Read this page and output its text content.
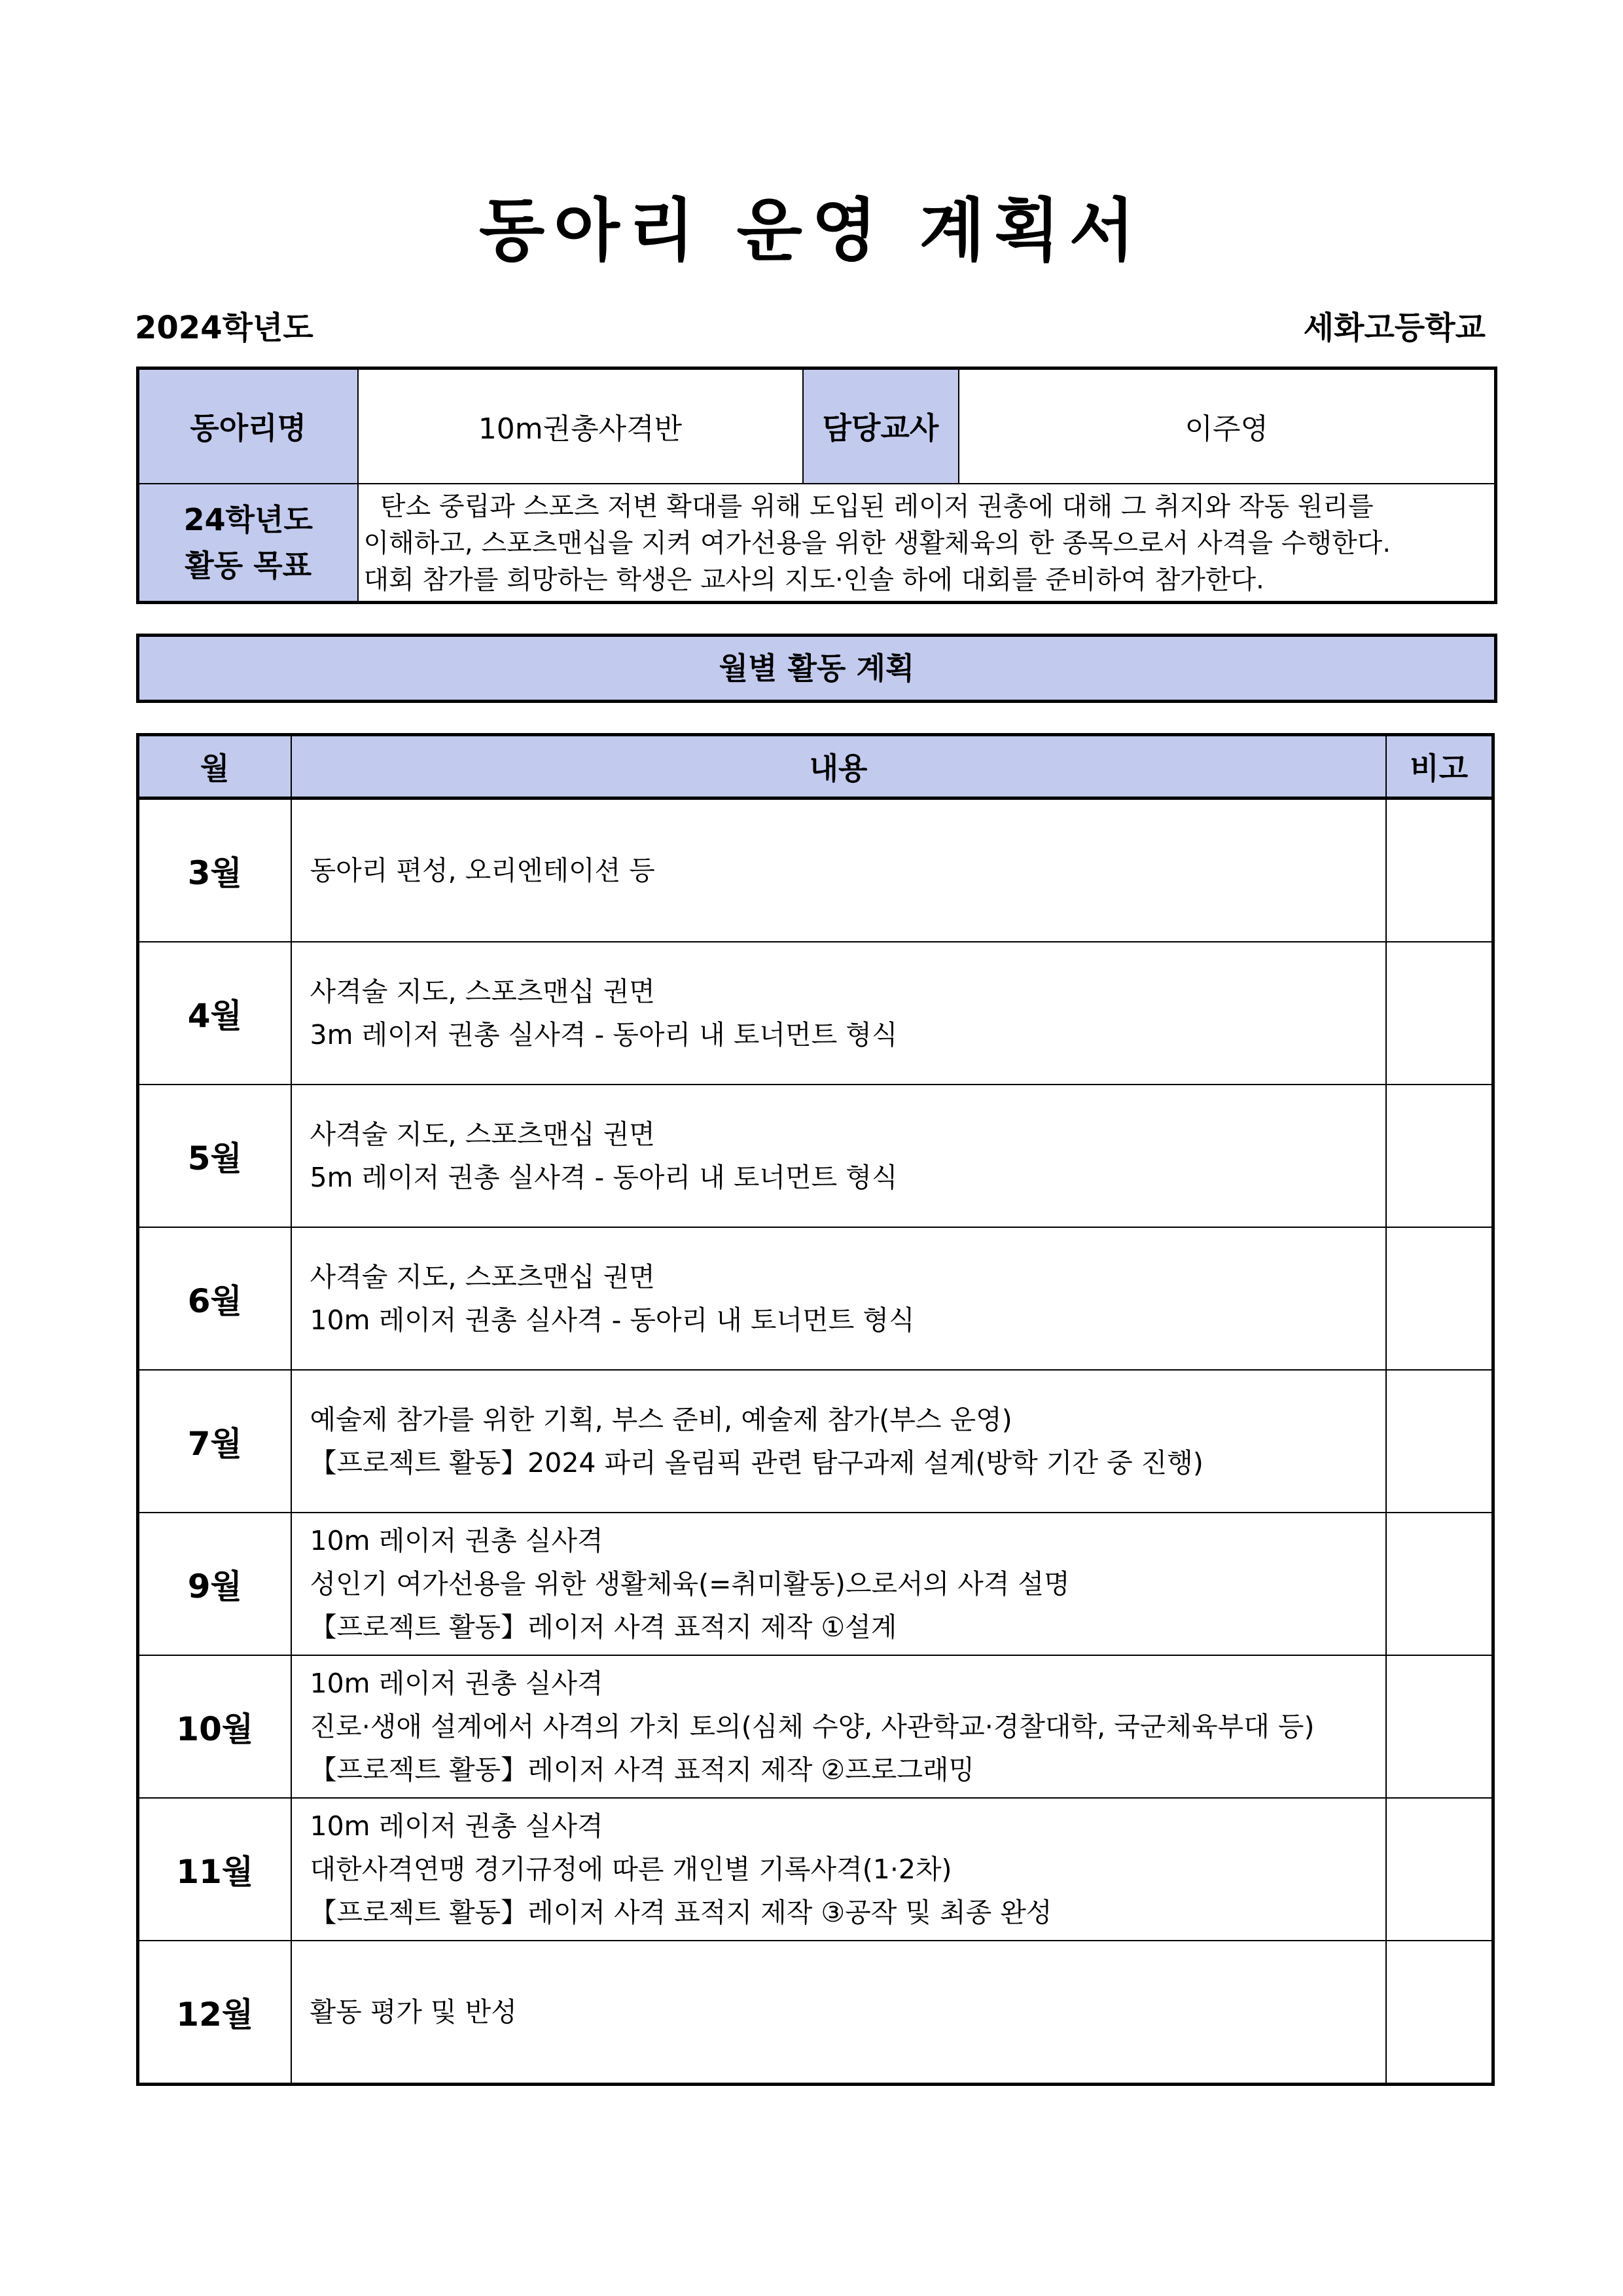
동아리 운영 계획서
2024학년도	세화고등학교
동아리명	10m권총사격반	담당교사	이주영

24학년도
활동 목표	탄소 중립과 스포츠 저변 확대를 위해 도입된 레이저 권총에 대해 그 취지와 작동 원리를
이해하고, 스포츠맨십을 지켜 여가선용을 위한 생활체육의 한 종목으로서 사격을 수행한다.
대회 참가를 희망하는 학생은 교사의 지도·인솔 하에 대회를 준비하여 참가한다.		
월별 활동 계획
월	내용	비고
3월	동아리 편성, 오리엔테이션 등	

4월	사격술 지도, 스포츠맨십 권면
3m 레이저 권총 실사격 - 동아리 내 토너먼트 형식	

5월	사격술 지도, 스포츠맨십 권면
5m 레이저 권총 실사격 - 동아리 내 토너먼트 형식	

6월	사격술 지도, 스포츠맨십 권면
10m 레이저 권총 실사격 - 동아리 내 토너먼트 형식	

7월	예술제 참가를 위한 기획, 부스 준비, 예술제 참가(부스 운영)
【프로젝트 활동】2024 파리 올림픽 관련 탐구과제 설계(방학 기간 중 진행)	

9월	10m 레이저 권총 실사격
성인기 여가선용을 위한 생활체육(=취미활동)으로서의 사격 설명
【프로젝트 활동】레이저 사격 표적지 제작 ①설계	

10월	10m 레이저 권총 실사격
진로·생애 설계에서 사격의 가치 토의(심체 수양, 사관학교·경찰대학, 국군체육부대 등)
【프로젝트 활동】레이저 사격 표적지 제작 ②프로그래밍	

11월	10m 레이저 권총 실사격
대한사격연맹 경기규정에 따른 개인별 기록사격(1·2차)
【프로젝트 활동】레이저 사격 표적지 제작 ③공작 및 최종 완성	

12월	활동 평가 및 반성	
